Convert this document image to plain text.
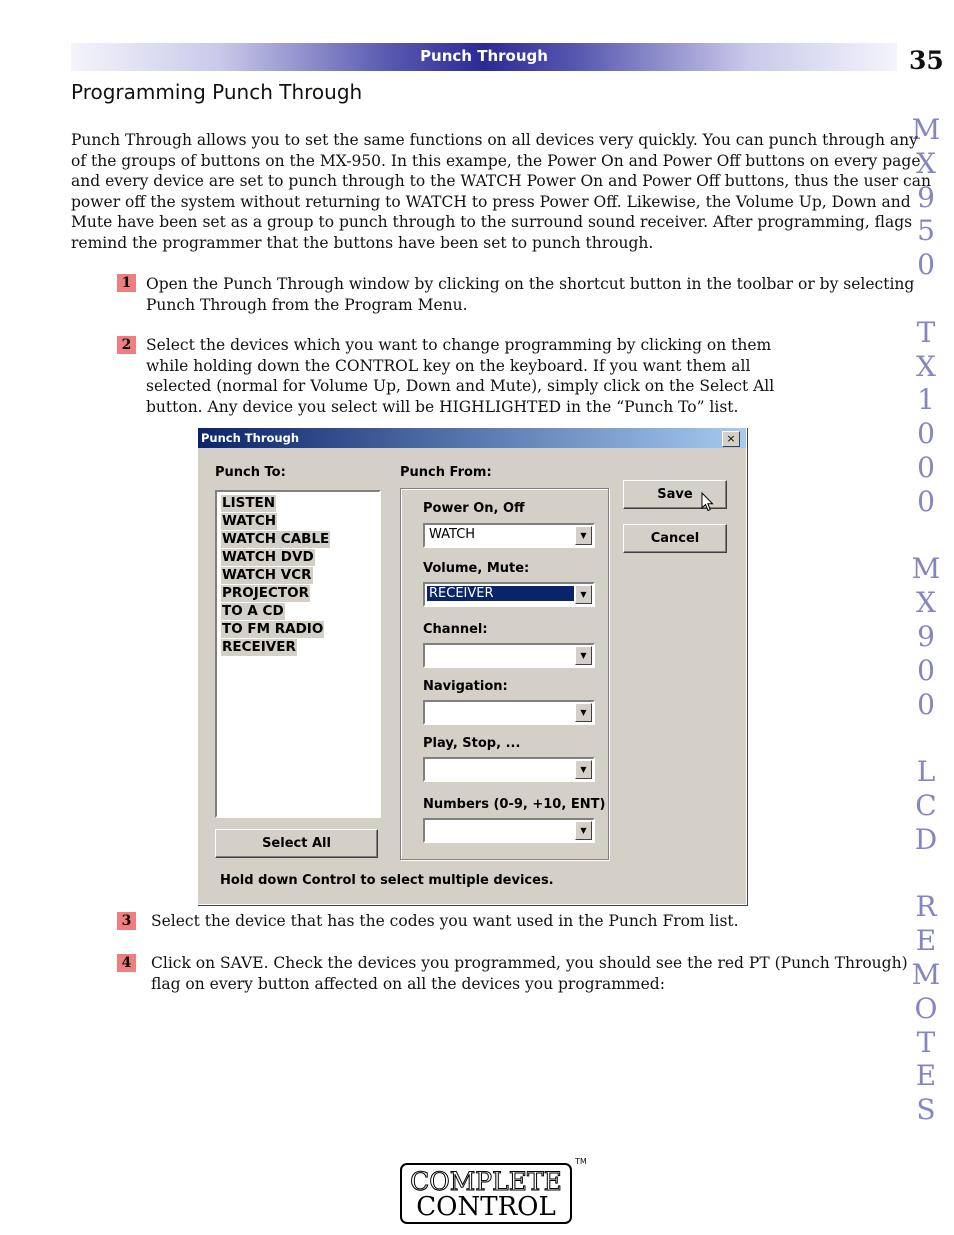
Punch Through	35
M
X
9
5
0
T
X
1
0
0
0
M
X
9
0
0
L
C
D
R
E
M
O
T
E
S
Programming Punch Through
Punch Through allows you to set the same functions on all devices very quickly. You can punch through any
of the groups of buttons on the MX-950. In this exampe, the Power On and Power Off buttons on every page
and every device are set to punch through to the WATCH Power On and Power Off buttons, thus the user can
power off the system without returning to WATCH to press Power Off. Likewise, the Volume Up, Down and
Mute have been set as a group to punch through to the surround sound receiver. After programming, flags
remind the programmer that the buttons have been set to punch through.
1 Open the Punch Through window by clicking on the shortcut button in the toolbar or by selecting
Punch Through from the Program Menu.
2 Select the devices which you want to change programming by clicking on them
while holding down the CONTROL key on the keyboard. If you want them all
selected (normal for Volume Up, Down and Mute), simply click on the Select All
button. Any device you select will be HIGHLIGHTED in the “Punch To” list.
Punch Through	×
Punch To:	Punch From:
LISTEN
WATCH
WATCH CABLE
WATCH DVD
WATCH VCR
PROJECTOR
TO A CD
TO FM RADIO
RECEIVER
Select All
Power On, Off
WATCH	▼
Volume, Mute:
RECEIVER	▼
Channel:
▼
Navigation:
▼
Play, Stop, ...
▼
Numbers (0-9, +10, ENT)
▼
Save
Cancel
Hold down Control to select multiple devices.
3 Select the device that has the codes you want used in the Punch From list.
4 Click on SAVE. Check the devices you programmed, you should see the red PT (Punch Through)
flag on every button affected on all the devices you programmed:
COMPLETE
CONTROL
TM
